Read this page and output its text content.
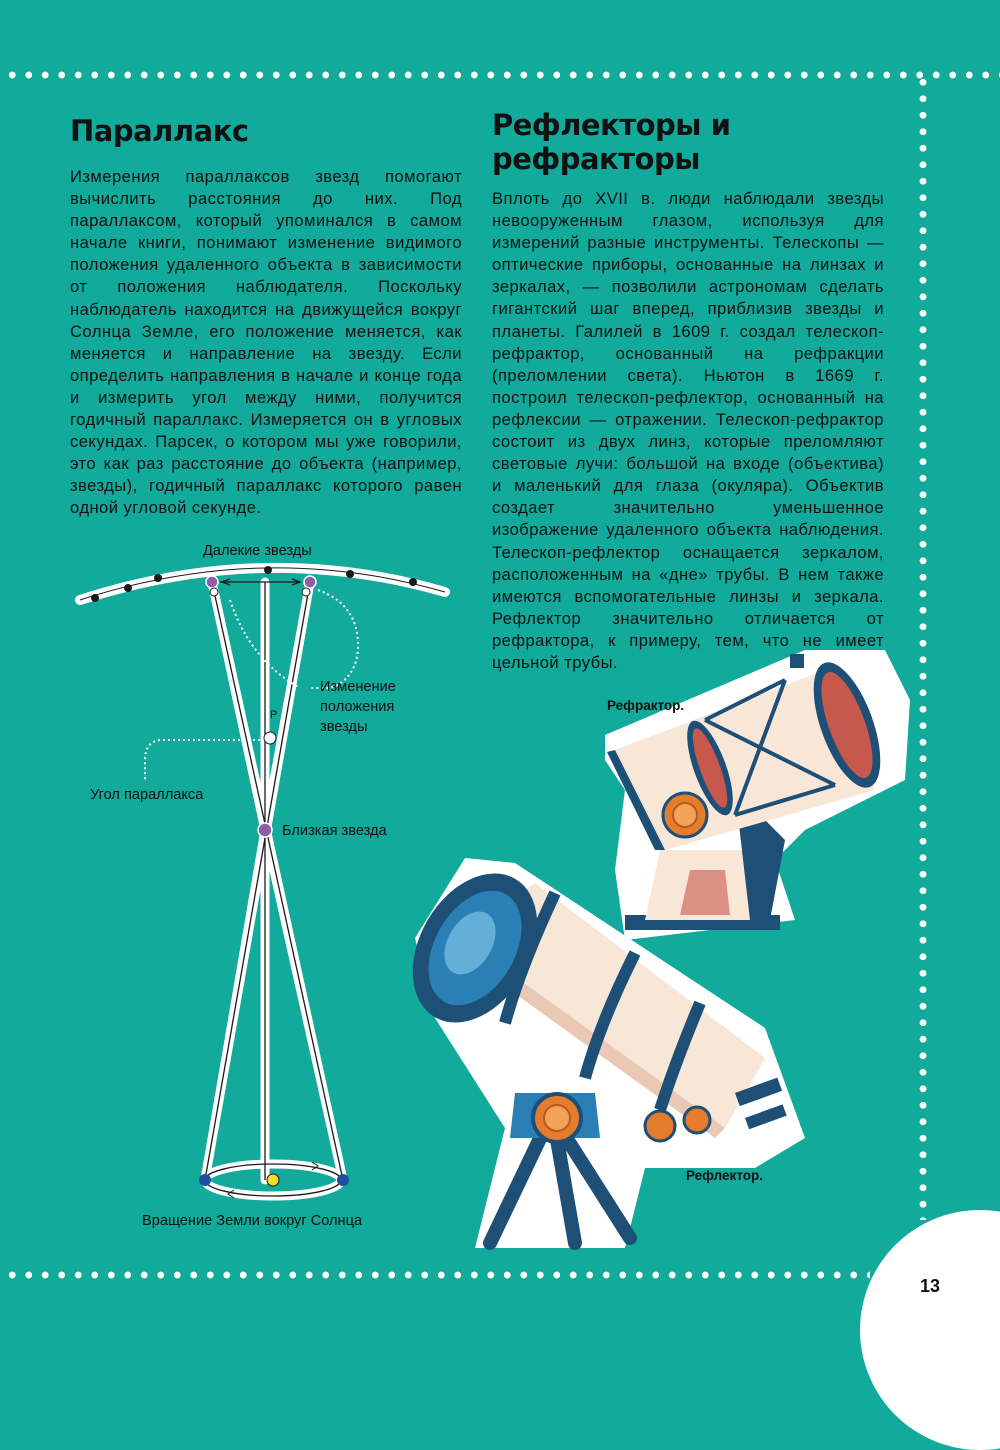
Параллакс

Измерения параллаксов звезд помогают вычислить расстояния до них. Под параллаксом, который упоминался в самом начале книги, понимают изменение видимого положения удаленного объекта в зависимости от положения наблюдателя. Поскольку наблюдатель находится на движущейся вокруг Солнца Земле, его положение меняется, как меняется и направление на звезду. Если определить направления в начале и конце года и измерить угол между ними, получится годичный параллакс. Измеряется он в угловых секундах. Парсек, о котором мы уже говорили, это как раз расстояние до объекта (например, звезды), годичный параллакс которого равен одной угловой секунде.

Рефлекторы и рефракторы

Вплоть до XVII в. люди наблюдали звезды невооруженным глазом, используя для измерений разные инструменты. Телескопы — оптические приборы, основанные на линзах и зеркалах, — позволили астрономам сделать гигантский шаг вперед, приблизив звезды и планеты. Галилей в 1609 г. создал телескоп-рефрактор, основанный на рефракции (преломлении света). Ньютон в 1669 г. построил телескоп-рефлектор, основанный на рефлексии — отражении. Телескоп-рефрактор состоит из двух линз, которые преломляют световые лучи: большой на входе (объектива) и маленький для глаза (окуляра). Объектив создает значительно уменьшенное изображение удаленного объекта наблюдения. Телескоп-рефлектор оснащается зеркалом, расположенным на «дне» трубы. В нем также имеются вспомогательные линзы и зеркала. Рефлектор значительно отличается от рефрактора, к примеру, тем, что не имеет цельной трубы.

Далекие звезды
Изменение
положения
звезды
P
Угол параллакса
Близкая звезда
Вращение Земли вокруг Солнца
Рефрактор.
Рефлектор.
13
